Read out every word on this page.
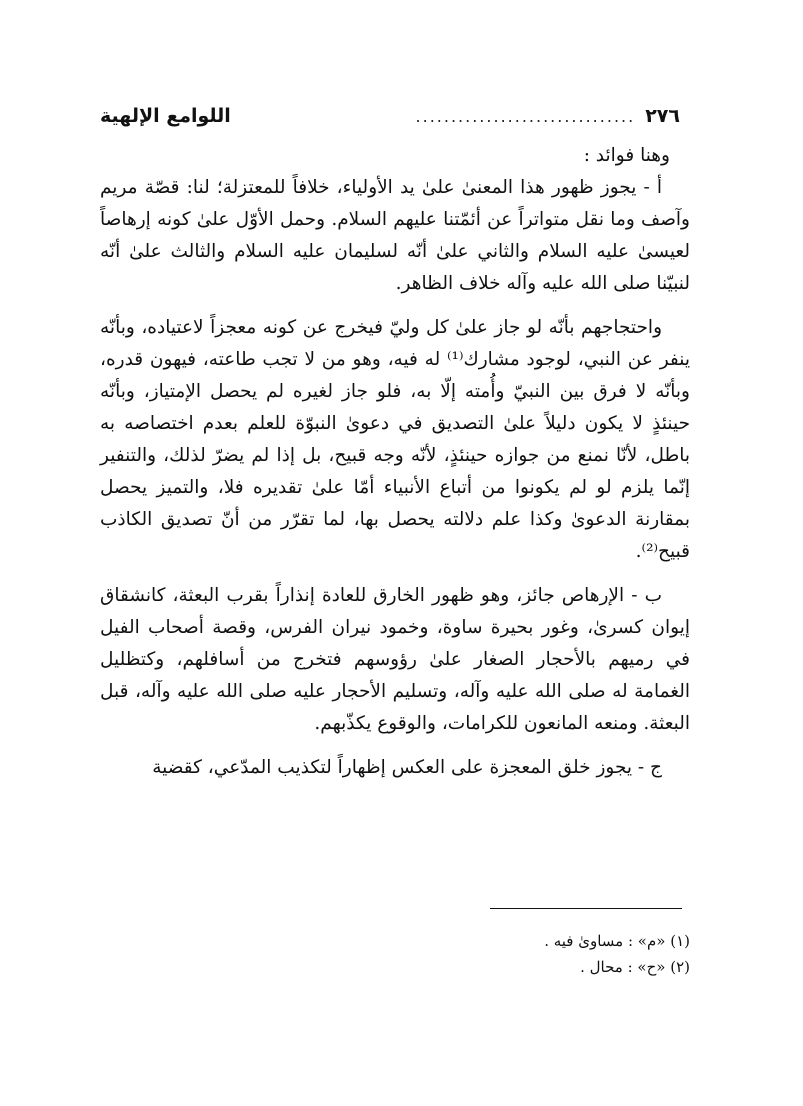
٢٧٦
...............................
اللوامع الإلهية

وهنا فوائد :

أ - يجوز ظهور هذا المعنىٰ علىٰ يد الأولياء، خلافاً للمعتزلة؛ لنا: قصّة مريم وآصف وما نقل متواتراً عن أئمّتنا عليهم السلام. وحمل الأوّل علىٰ كونه إرهاصاً لعيسىٰ عليه السلام والثاني علىٰ أنّه لسليمان عليه السلام والثالث علىٰ أنّه لنبيّنا صلى الله عليه وآله خلاف الظاهر.

واحتجاجهم بأنّه لو جاز علىٰ كل وليّ فيخرج عن كونه معجزاً لاعتياده، وبأنّه ينفر عن النبي، لوجود مشارك⁽¹⁾ له فيه، وهو من لا تجب طاعته، فيهون قدره، وبأنّه لا فرق بين النبيّ وأُمته إلّا به، فلو جاز لغيره لم يحصل الإمتياز، وبأنّه حينئذٍ لا يكون دليلاً علىٰ التصديق في دعوىٰ النبوّة للعلم بعدم اختصاصه به باطل، لأنّا نمنع من جوازه حينئذٍ، لأنّه وجه قبيح، بل إذا لم يضرّ لذلك، والتنفير إنّما يلزم لو لم يكونوا من أتباع الأنبياء أمّا علىٰ تقديره فلا، والتميز يحصل بمقارنة الدعوىٰ وكذا علم دلالته يحصل بها، لما تقرّر من أنّ تصديق الكاذب قبيح⁽²⁾.

ب - الإرهاص جائز، وهو ظهور الخارق للعادة إنذاراً بقرب البعثة، كانشقاق إيوان كسرىٰ، وغور بحيرة ساوة، وخمود نيران الفرس، وقصة أصحاب الفيل في رميهم بالأحجار الصغار علىٰ رؤوسهم فتخرج من أسافلهم، وكتظليل الغمامة له صلى الله عليه وآله، وتسليم الأحجار عليه صلى الله عليه وآله، قبل البعثة. ومنعه المانعون للكرامات، والوقوع يكذّبهم.

ج - يجوز خلق المعجزة على العكس إظهاراً لتكذيب المدّعي، كقضية

(١) «م» : مساوىٰ فيه .

(٢) «ح» : محال .
